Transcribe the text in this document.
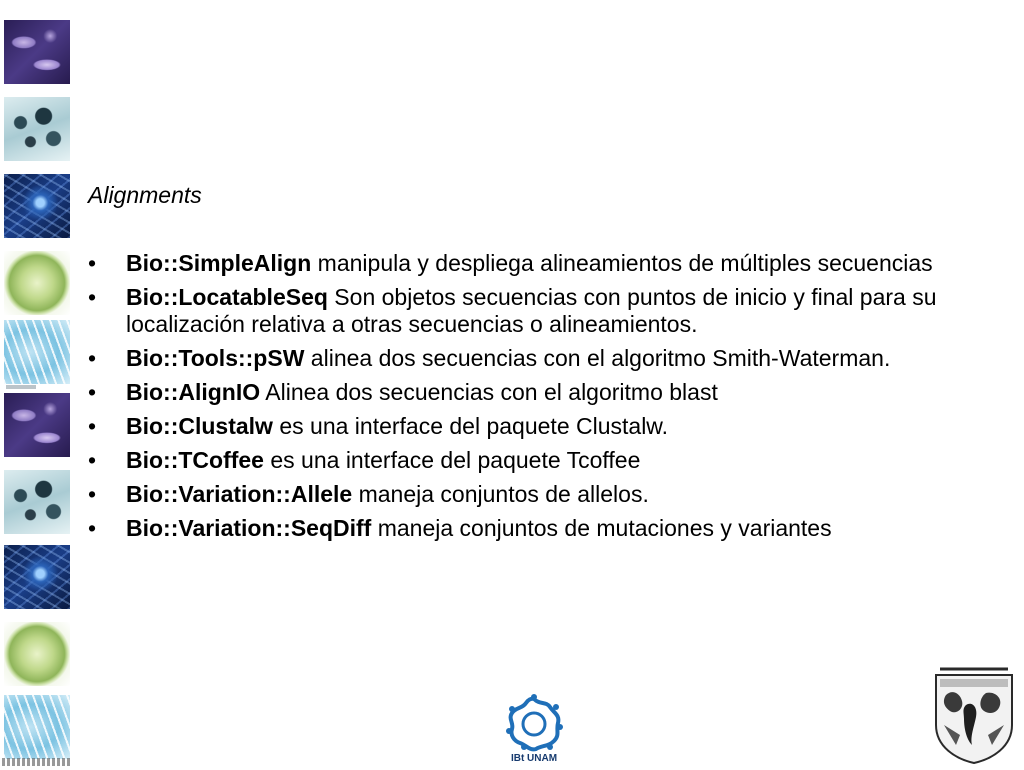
Alignments
•	Bio::SimpleAlign manipula y despliega alineamientos de múltiples secuencias
•	Bio::LocatableSeq Son objetos secuencias con puntos de inicio y final para su localización relativa a otras secuencias o alineamientos.
•	Bio::Tools::pSW alinea dos secuencias con el algoritmo Smith-Waterman.
•	Bio::AlignIO Alinea dos secuencias con el algoritmo blast
•	Bio::Clustalw es una interface del paquete Clustalw.
•	Bio::TCoffee es una interface del paquete Tcoffee
•	Bio::Variation::Allele maneja conjuntos de allelos.
•	Bio::Variation::SeqDiff maneja conjuntos de mutaciones y variantes
IBt UNAM
